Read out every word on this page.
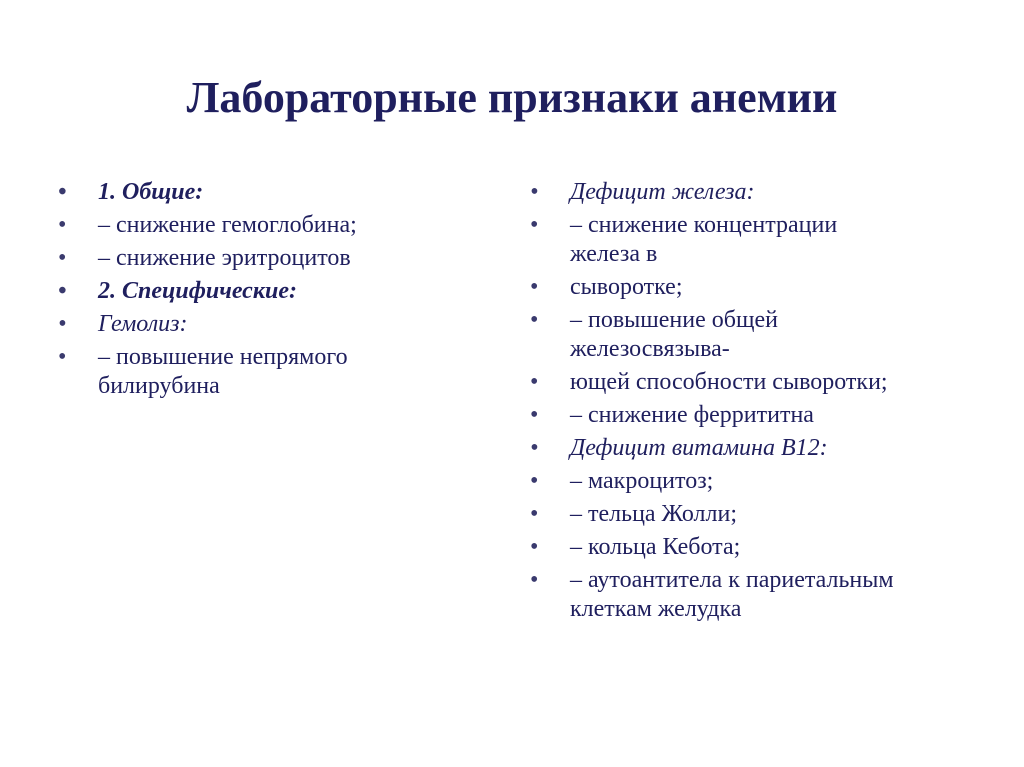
Лабораторные признаки анемии
•	1. Общие:
•	– снижение гемоглобина;
•	– снижение эритроцитов
•	2. Специфические:
•	Гемолиз:
•	– повышение непрямого билирубина
•	Дефицит железа:
•	– снижение концентрации железа в
•	сыворотке;
•	– повышение общей железосвязыва-
•	ющей способности сыворотки;
•	– снижение феррититна
•	Дефицит витамина В12:
•	– макроцитоз;
•	– тельца Жолли;
•	– кольца Кебота;
•	– аутоантитела к париетальным клеткам желудка
